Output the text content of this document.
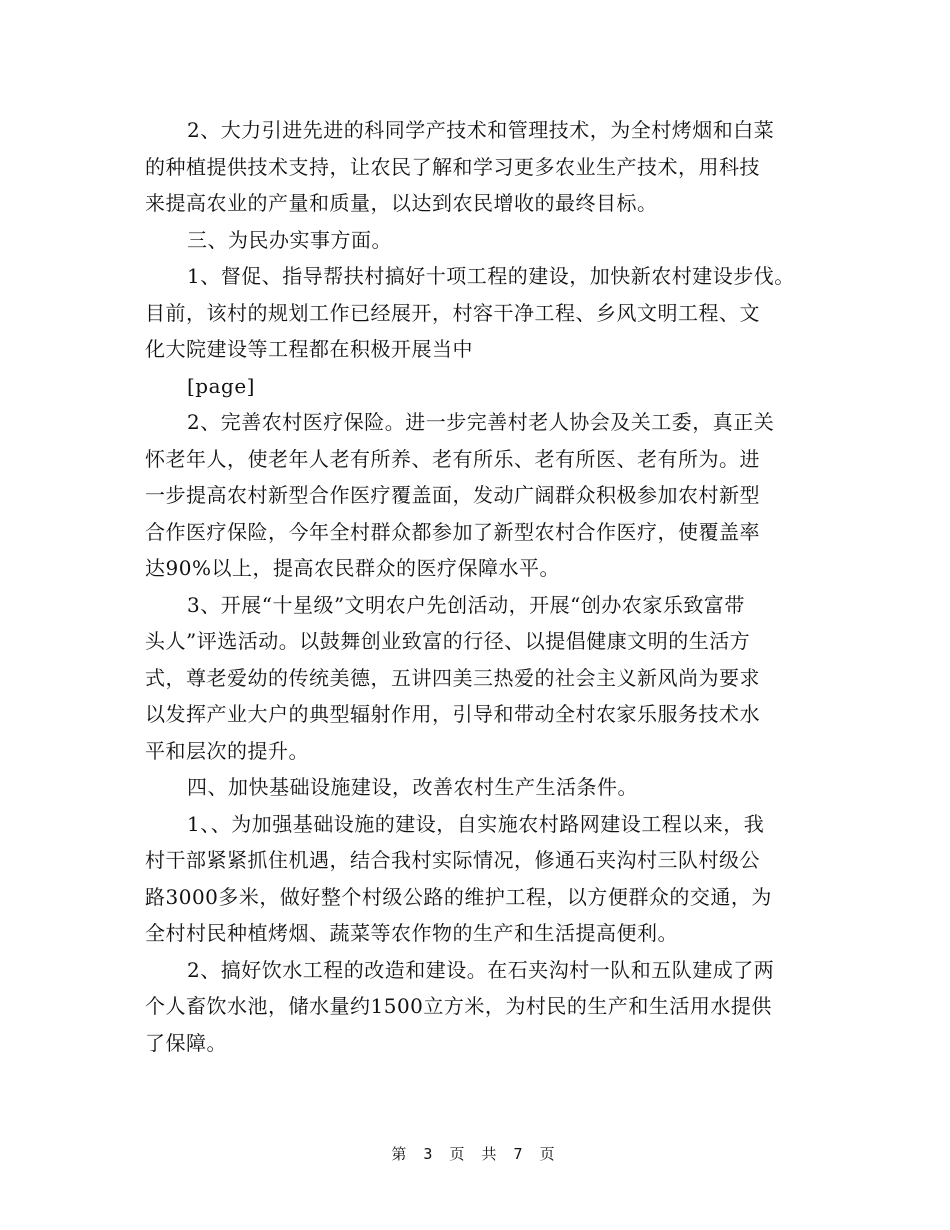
2、大力引进先进的科同学产技术和管理技术，为全村烤烟和白菜
的种植提供技术支持，让农民了解和学习更多农业生产技术，用科技
来提高农业的产量和质量，以达到农民增收的最终目标。
三、为民办实事方面。
1、督促、指导帮扶村搞好十项工程的建设，加快新农村建设步伐。
目前，该村的规划工作已经展开，村容干净工程、乡风文明工程、文
化大院建设等工程都在积极开展当中
[page]
2、完善农村医疗保险。进一步完善村老人协会及关工委，真正关
怀老年人，使老年人老有所养、老有所乐、老有所医、老有所为。进
一步提高农村新型合作医疗覆盖面，发动广阔群众积极参加农村新型
合作医疗保险，今年全村群众都参加了新型农村合作医疗，使覆盖率
达90%以上，提高农民群众的医疗保障水平。
3、开展“十星级”文明农户先创活动，开展“创办农家乐致富带
头人”评选活动。以鼓舞创业致富的行径、以提倡健康文明的生活方
式，尊老爱幼的传统美德，五讲四美三热爱的社会主义新风尚为要求
以发挥产业大户的典型辐射作用，引导和带动全村农家乐服务技术水
平和层次的提升。
四、加快基础设施建设，改善农村生产生活条件。
1、、为加强基础设施的建设，自实施农村路网建设工程以来，我
村干部紧紧抓住机遇，结合我村实际情况，修通石夹沟村三队村级公
路3000多米，做好整个村级公路的维护工程，以方便群众的交通，为
全村村民种植烤烟、蔬菜等农作物的生产和生活提高便利。
2、搞好饮水工程的改造和建设。在石夹沟村一队和五队建成了两
个人畜饮水池，储水量约1500立方米，为村民的生产和生活用水提供
了保障。
第 3 页 共 7 页
